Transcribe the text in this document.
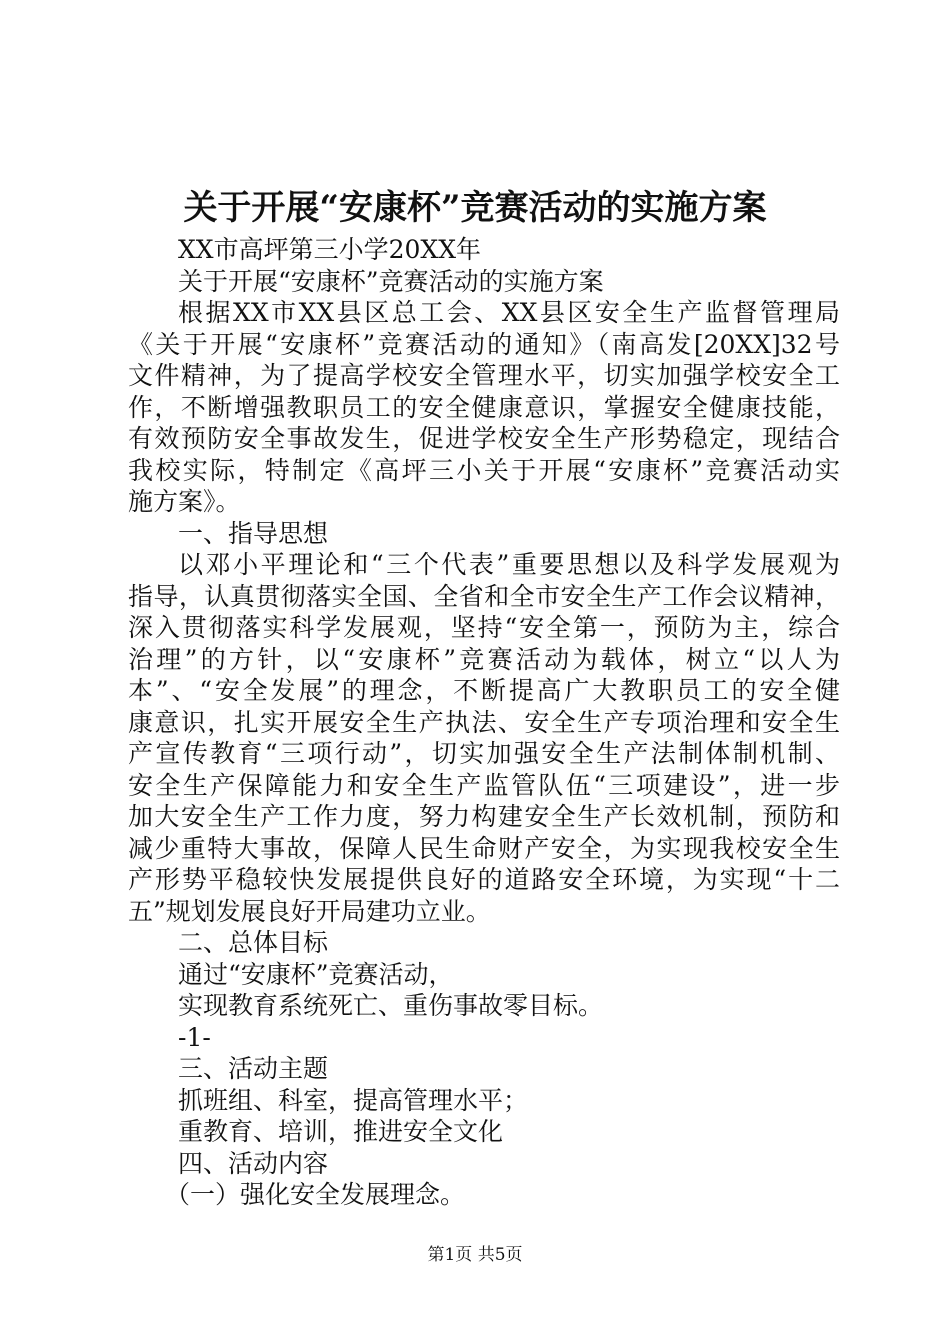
关于开展“安康杯”竞赛活动的实施方案
XX市高坪第三小学20XX年
关于开展“安康杯”竞赛活动的实施方案
根据XX市XX县区总工会、XX县区安全生产监督管理局
《关于开展“安康杯”竞赛活动的通知》（南高发[20XX]32号
文件精神，为了提高学校安全管理水平，切实加强学校安全工
作，不断增强教职员工的安全健康意识，掌握安全健康技能，
有效预防安全事故发生，促进学校安全生产形势稳定，现结合
我校实际，特制定《高坪三小关于开展“安康杯”竞赛活动实
施方案》。
一、指导思想
以邓小平理论和“三个代表”重要思想以及科学发展观为
指导，认真贯彻落实全国、全省和全市安全生产工作会议精神，
深入贯彻落实科学发展观，坚持“安全第一，预防为主，综合
治理”的方针，以“安康杯”竞赛活动为载体，树立“以人为
本”、“安全发展”的理念，不断提高广大教职员工的安全健
康意识，扎实开展安全生产执法、安全生产专项治理和安全生
产宣传教育“三项行动”，切实加强安全生产法制体制机制、
安全生产保障能力和安全生产监管队伍“三项建设”，进一步
加大安全生产工作力度，努力构建安全生产长效机制，预防和
减少重特大事故，保障人民生命财产安全，为实现我校安全生
产形势平稳较快发展提供良好的道路安全环境，为实现“十二
五”规划发展良好开局建功立业。
二、总体目标
通过“安康杯”竞赛活动，
实现教育系统死亡、重伤事故零目标。
-1-
三、活动主题
抓班组、科室，提高管理水平；
重教育、培训，推进安全文化
四、活动内容
（一）强化安全发展理念。
第1页 共5页
